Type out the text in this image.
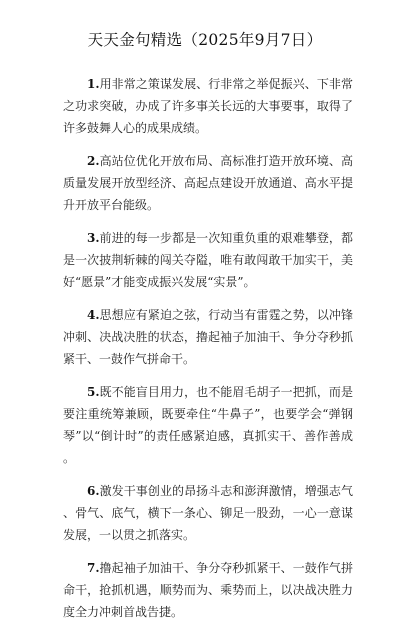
天天金句精选（2025年9月7日）

1.用非常之策谋发展、行非常之举促振兴、下非常之功求突破，办成了许多事关长远的大事要事，取得了许多鼓舞人心的成果成绩。

2.高站位优化开放布局、高标准打造开放环境、高质量发展开放型经济、高起点建设开放通道、高水平提升开放平台能级。

3.前进的每一步都是一次知重负重的艰难攀登，都是一次披荆斩棘的闯关夺隘，唯有敢闯敢干加实干，美好“愿景”才能变成振兴发展“实景”。

4.思想应有紧迫之弦，行动当有雷霆之势，以冲锋冲刺、决战决胜的状态，撸起袖子加油干、争分夺秒抓紧干、一鼓作气拼命干。

5.既不能盲目用力，也不能眉毛胡子一把抓，而是要注重统筹兼顾，既要牵住“牛鼻子”，也要学会“弹钢琴”以“倒计时”的责任感紧迫感，真抓实干、善作善成。

6.激发干事创业的昂扬斗志和澎湃激情，增强志气、骨气、底气，横下一条心、铆足一股劲，一心一意谋发展，一以贯之抓落实。

7.撸起袖子加油干、争分夺秒抓紧干、一鼓作气拼命干，抢抓机遇，顺势而为、乘势而上，以决战决胜力度全力冲刺首战告捷。
